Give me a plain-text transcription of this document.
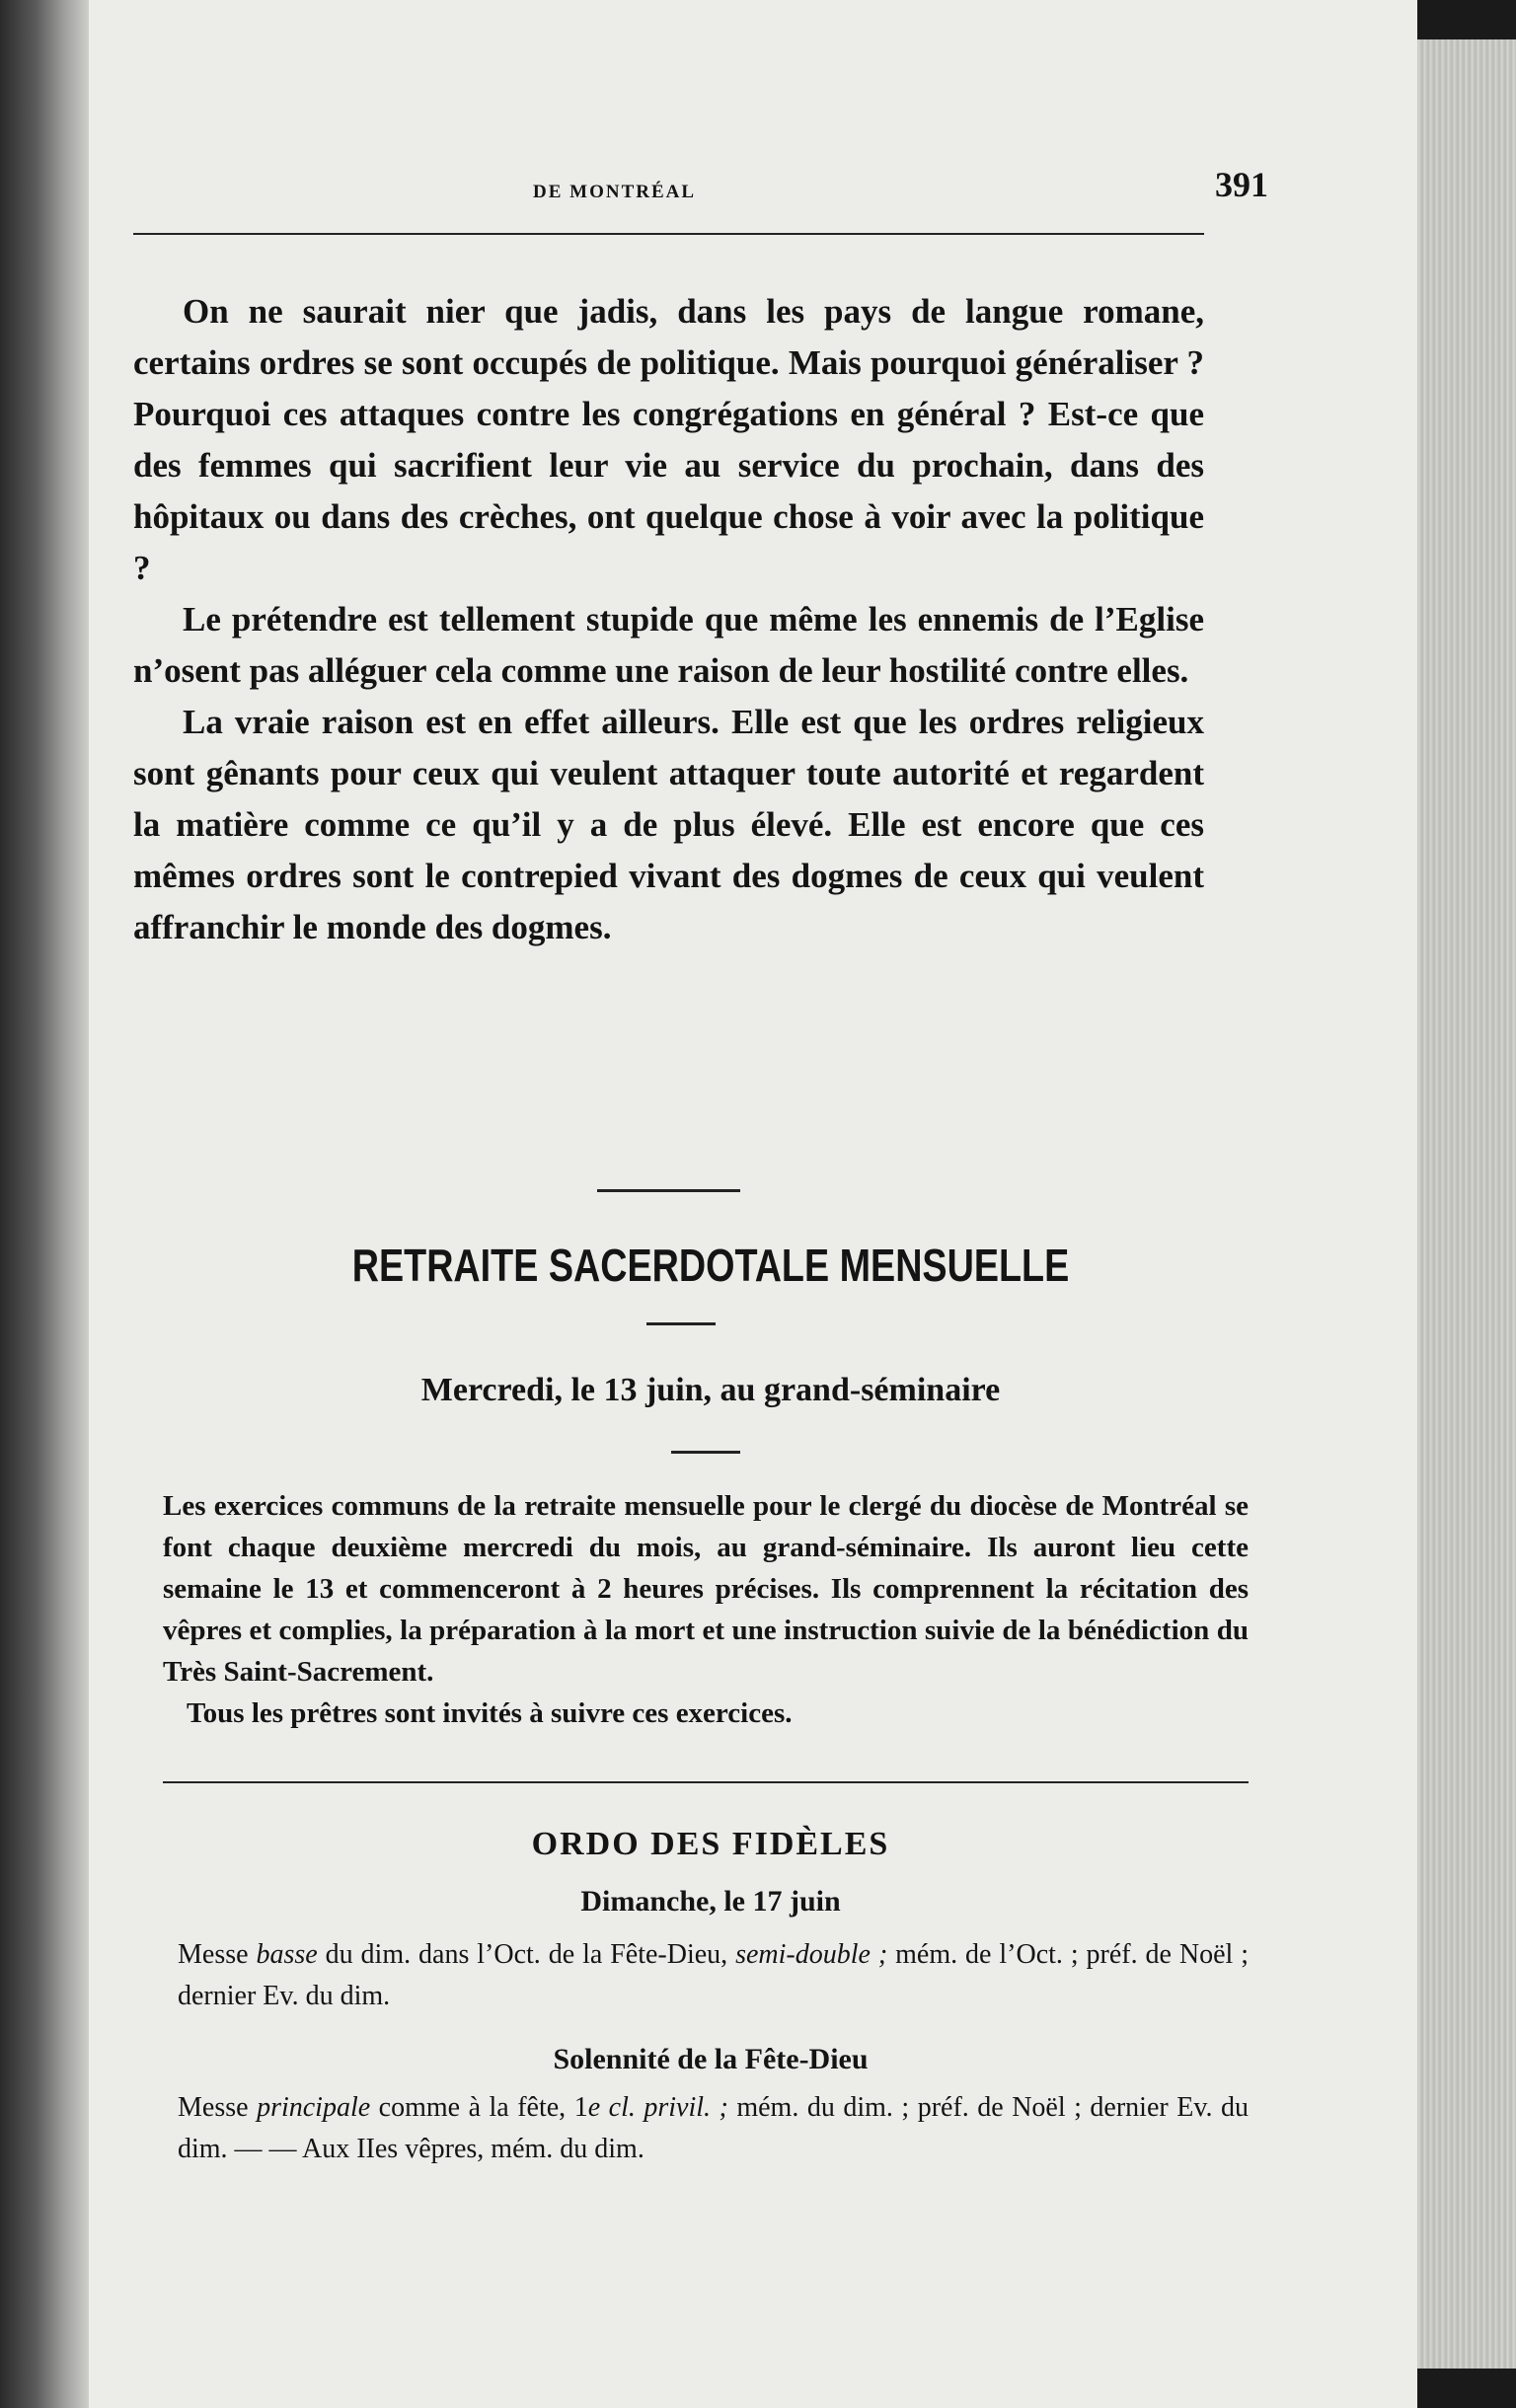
DE MONTRÉAL	391

On ne saurait nier que jadis, dans les pays de langue romane, certains ordres se sont occupés de politique. Mais pourquoi généraliser ? Pourquoi ces attaques contre les congrégations en général ? Est-ce que des femmes qui sacrifient leur vie au service du prochain, dans des hôpitaux ou dans des crèches, ont quelque chose à voir avec la politique ?

Le prétendre est tellement stupide que même les ennemis de l’Eglise n’osent pas alléguer cela comme une raison de leur hostilité contre elles.

La vraie raison est en effet ailleurs. Elle est que les ordres religieux sont gênants pour ceux qui veulent attaquer toute autorité et regardent la matière comme ce qu’il y a de plus élevé. Elle est encore que ces mêmes ordres sont le contrepied vivant des dogmes de ceux qui veulent affranchir le monde des dogmes.

RETRAITE SACERDOTALE MENSUELLE
Mercredi, le 13 juin, au grand-séminaire

Les exercices communs de la retraite mensuelle pour le clergé du diocèse de Montréal se font chaque deuxième mercredi du mois, au grand-séminaire. Ils auront lieu cette semaine le 13 et commenceront à 2 heures précises. Ils comprennent la récitation des vêpres et complies, la préparation à la mort et une instruction suivie de la bénédiction du Très Saint-Sacrement.

Tous les prêtres sont invités à suivre ces exercices.

ORDO DES FIDÈLES
Dimanche, le 17 juin

Messe basse du dim. dans l’Oct. de la Fête-Dieu, semi-double ; mém. de l’Oct. ; préf. de Noël ; dernier Ev. du dim.

Solennité de la Fête-Dieu

Messe principale comme à la fête, 1e cl. privil. ; mém. du dim. ; préf. de Noël ; dernier Ev. du dim. — — Aux IIes vêpres, mém. du dim.
